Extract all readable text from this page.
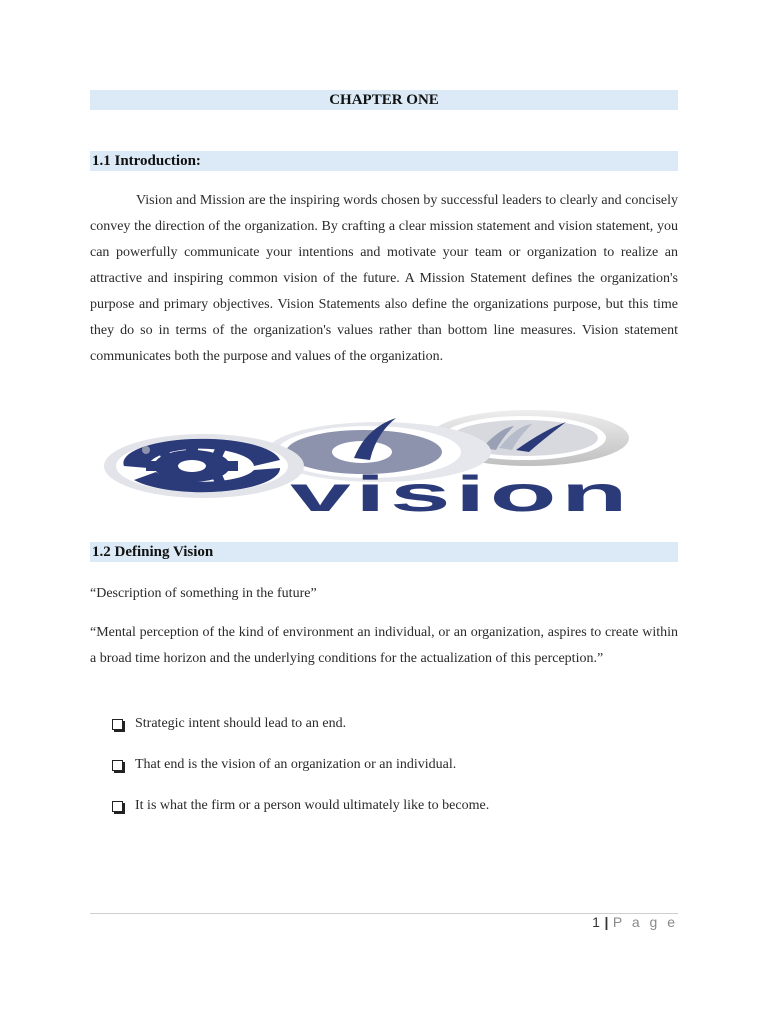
CHAPTER ONE
1.1 Introduction:

Vision and Mission are the inspiring words chosen by successful leaders to clearly and concisely convey the direction of the organization. By crafting a clear mission statement and vision statement, you can powerfully communicate your intentions and motivate your team or organization to realize an attractive and inspiring common vision of the future. A Mission Statement defines the organization's purpose and primary objectives. Vision Statements also define the organizations purpose, but this time they do so in terms of the organization's values rather than bottom line measures. Vision statement communicates both the purpose and values of the organization.

vision
1.2 Defining Vision
“Description of something in the future”
“Mental perception of the kind of environment an individual, or an organization, aspires to create within a broad time horizon and the underlying conditions for the actualization of this perception.”
Strategic intent should lead to an end.
That end is the vision of an organization or an individual.
It is what the firm or a person would ultimately like to become.
1 | P a g e
